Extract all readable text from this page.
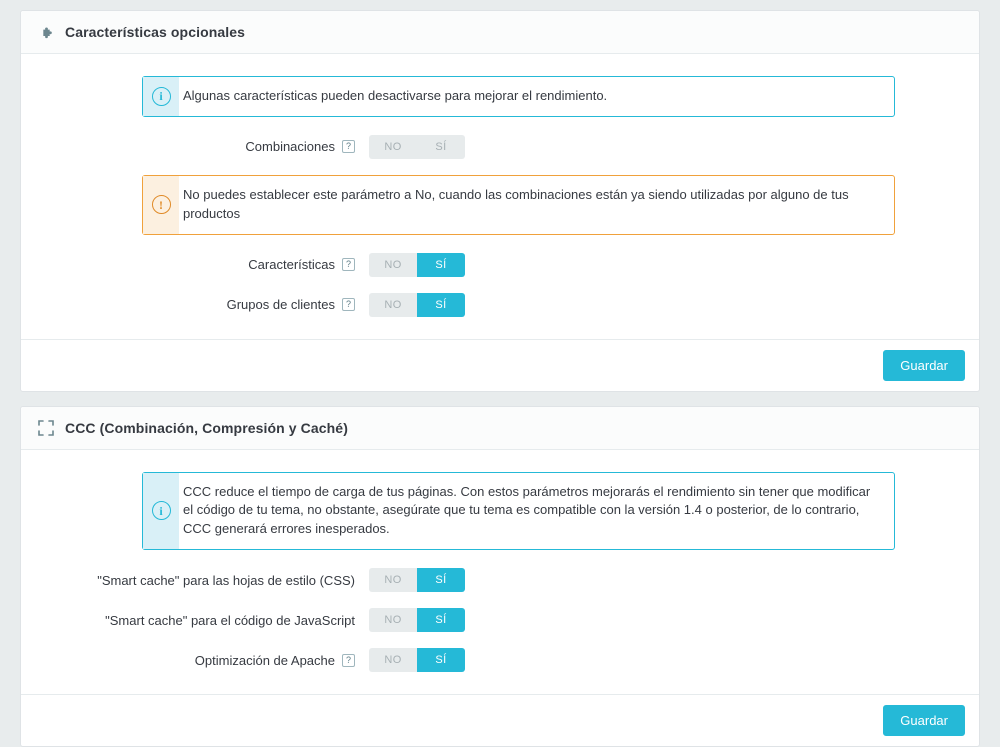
Características opcionales
i	Algunas características pueden desactivarse para mejorar el rendimiento.
Combinaciones	?	NO	SÍ
!
No puedes establecer este parámetro a No, cuando las combinaciones están ya siendo utilizadas por alguno de tus productos
Características	?	NO	SÍ
Grupos de clientes	?	NO	SÍ
Guardar
CCC (Combinación, Compresión y Caché)
i
CCC reduce el tiempo de carga de tus páginas. Con estos parámetros mejorarás el rendimiento sin tener que modificar el código de tu tema, no obstante, asegúrate que tu tema es compatible con la versión 1.4 o posterior, de lo contrario, CCC generará errores inesperados.
"Smart cache" para las hojas de estilo (CSS)	NO	SÍ
"Smart cache" para el código de JavaScript	NO	SÍ
Optimización de Apache	?	NO	SÍ
Guardar
